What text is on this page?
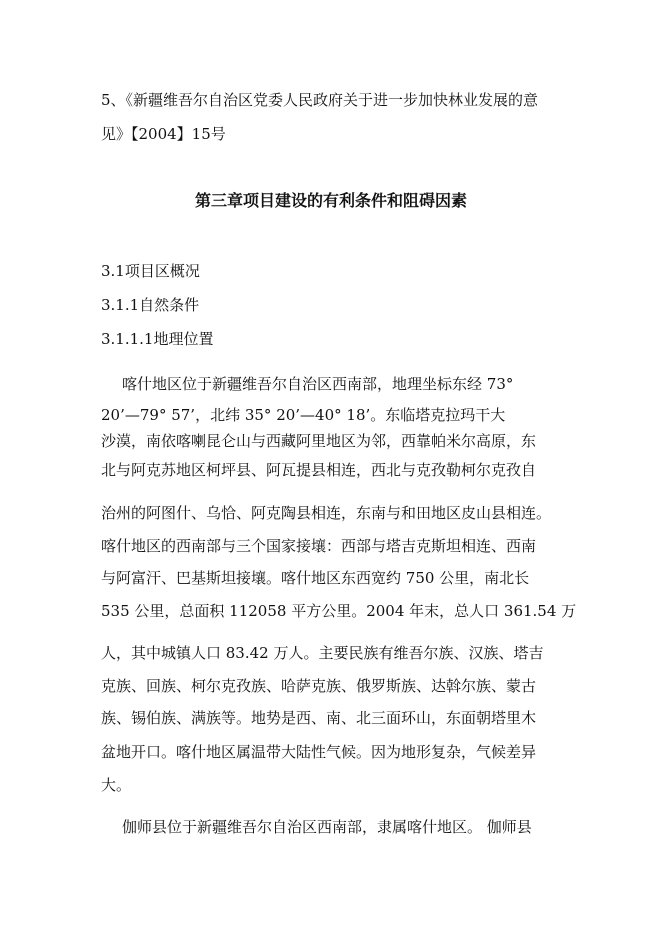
5、《新疆维吾尔自治区党委人民政府关于进一步加快林业发展的意
见》【2004】15号
第三章项目建设的有利条件和阻碍因素
3.1项目区概况
3.1.1自然条件
3.1.1.1地理位置
喀什地区位于新疆维吾尔自治区西南部，地理坐标东经 73°
20’—79° 57’，北纬 35° 20’—40° 18’。东临塔克拉玛干大
沙漠，南依喀喇昆仑山与西藏阿里地区为邻，西靠帕米尔高原，东
北与阿克苏地区柯坪县、阿瓦提县相连，西北与克孜勒柯尔克孜自
治州的阿图什、乌恰、阿克陶县相连，东南与和田地区皮山县相连。
喀什地区的西南部与三个国家接壤：西部与塔吉克斯坦相连、西南
与阿富汗、巴基斯坦接壤。喀什地区东西宽约 750 公里，南北长
535 公里，总面积 112058 平方公里。2004 年末，总人口 361.54 万
人，其中城镇人口 83.42 万人。主要民族有维吾尔族、汉族、塔吉
克族、回族、柯尔克孜族、哈萨克族、俄罗斯族、达斡尔族、蒙古
族、锡伯族、满族等。地势是西、南、北三面环山，东面朝塔里木
盆地开口。喀什地区属温带大陆性气候。因为地形复杂，气候差异
大。
伽师县位于新疆维吾尔自治区西南部，隶属喀什地区。 伽师县
